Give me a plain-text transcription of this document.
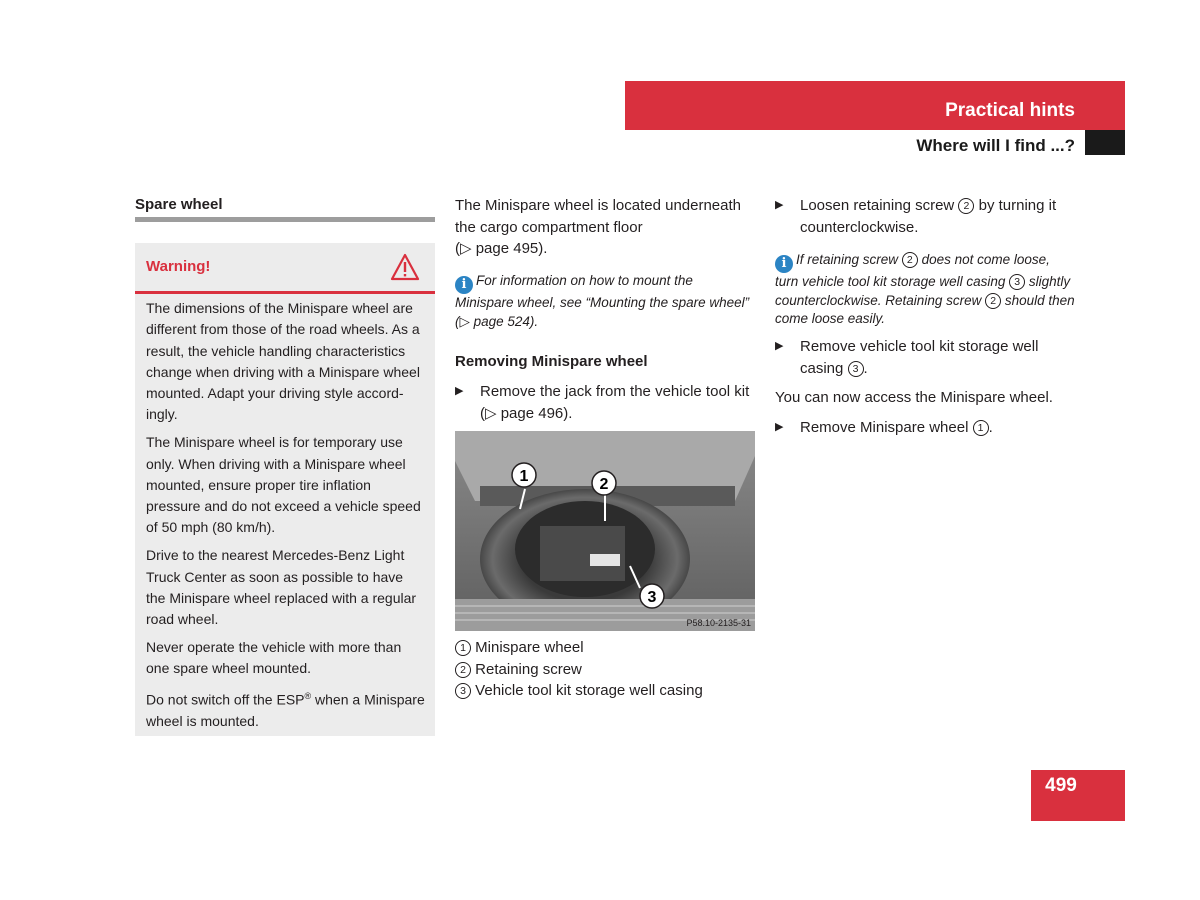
Practical hints
Where will I find ...?
Spare wheel
Warning!

The dimensions of the Minispare wheel are different from those of the road wheels. As a result, the vehicle handling characteristics change when driving with a Minispare wheel mounted. Adapt your driving style accord-ingly.

The Minispare wheel is for temporary use only. When driving with a Minispare wheel mounted, ensure proper tire inflation pressure and do not exceed a vehicle speed of 50 mph (80 km/h).

Drive to the nearest Mercedes-Benz Light Truck Center as soon as possible to have the Minispare wheel replaced with a regular road wheel.

Never operate the vehicle with more than one spare wheel mounted.

Do not switch off the ESP® when a Minispare wheel is mounted.

The Minispare wheel is located underneath the cargo compartment floor

(▷ page 495).

i For information on how to mount the Minispare wheel, see “Mounting the spare wheel” (▷ page 524).
Removing Minispare wheel
▶	Remove the jack from the vehicle tool kit (▷ page 496).
1	2
3
P58.10-2135-31
1 Minispare wheel
2 Retaining screw
3 Vehicle tool kit storage well casing
▶	Loosen retaining screw 2 by turning it counterclockwise.
i If retaining screw 2 does not come loose, turn vehicle tool kit storage well casing 3 slightly counterclockwise. Retaining screw 2 should then come loose easily.
▶	Remove vehicle tool kit storage well casing 3 .
You can now access the Minispare wheel.
▶	Remove Minispare wheel 1 .
499
